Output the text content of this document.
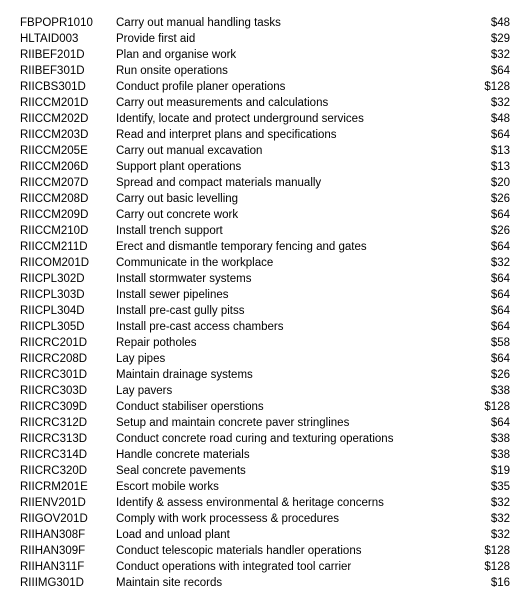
FBPOPR1010 Carry out manual handling tasks	$48
HLTAID003	Provide first aid	$29
RIIBEF201D	Plan and organise work	$32
RIIBEF301D	Run onsite operations	$64
RIICBS301D	Conduct profile planer operations	$128
RIICCM201D Carry out measurements and calculations	$32
RIICCM202D Identify, locate and protect underground services	$48
RIICCM203D Read and interpret plans and specifications	$64
RIICCM205E Carry out manual excavation	$13
RIICCM206D Support plant operations	$13
RIICCM207D Spread and compact materials manually	$20
RIICCM208D Carry out basic levelling	$26
RIICCM209D Carry out concrete work	$64
RIICCM210D Install trench support	$26
RIICCM211D Erect and dismantle temporary fencing and gates	$64
RIICOM201D Communicate in the workplace	$32
RIICPL302D	Install stormwater systems	$64
RIICPL303D	Install sewer pipelines	$64
RIICPL304D	Install pre-cast gully pitss	$64
RIICPL305D	Install pre-cast access chambers	$64
RIICRC201D	Repair potholes	$58
RIICRC208D	Lay pipes	$64
RIICRC301D	Maintain drainage systems	$26
RIICRC303D	Lay pavers	$38
RIICRC309D	Conduct stabiliser operstions	$128
RIICRC312D	Setup and maintain concrete paver stringlines	$64
RIICRC313D	Conduct concrete road curing and texturing operations	$38
RIICRC314D	Handle concrete materials	$38
RIICRC320D	Seal concrete pavements	$19
RIICRM201E Escort mobile works	$35
RIIENV201D	Identify & assess environmental & heritage concerns	$32
RIIGOV201D Comply with work processess & procedures	$32
RIIHAN308F	Load and unload plant	$32
RIIHAN309F	Conduct telescopic materials handler operations	$128
RIIHAN311F	Conduct operations with integrated tool carrier	$128
RIIIMG301D	Maintain site records	$16
